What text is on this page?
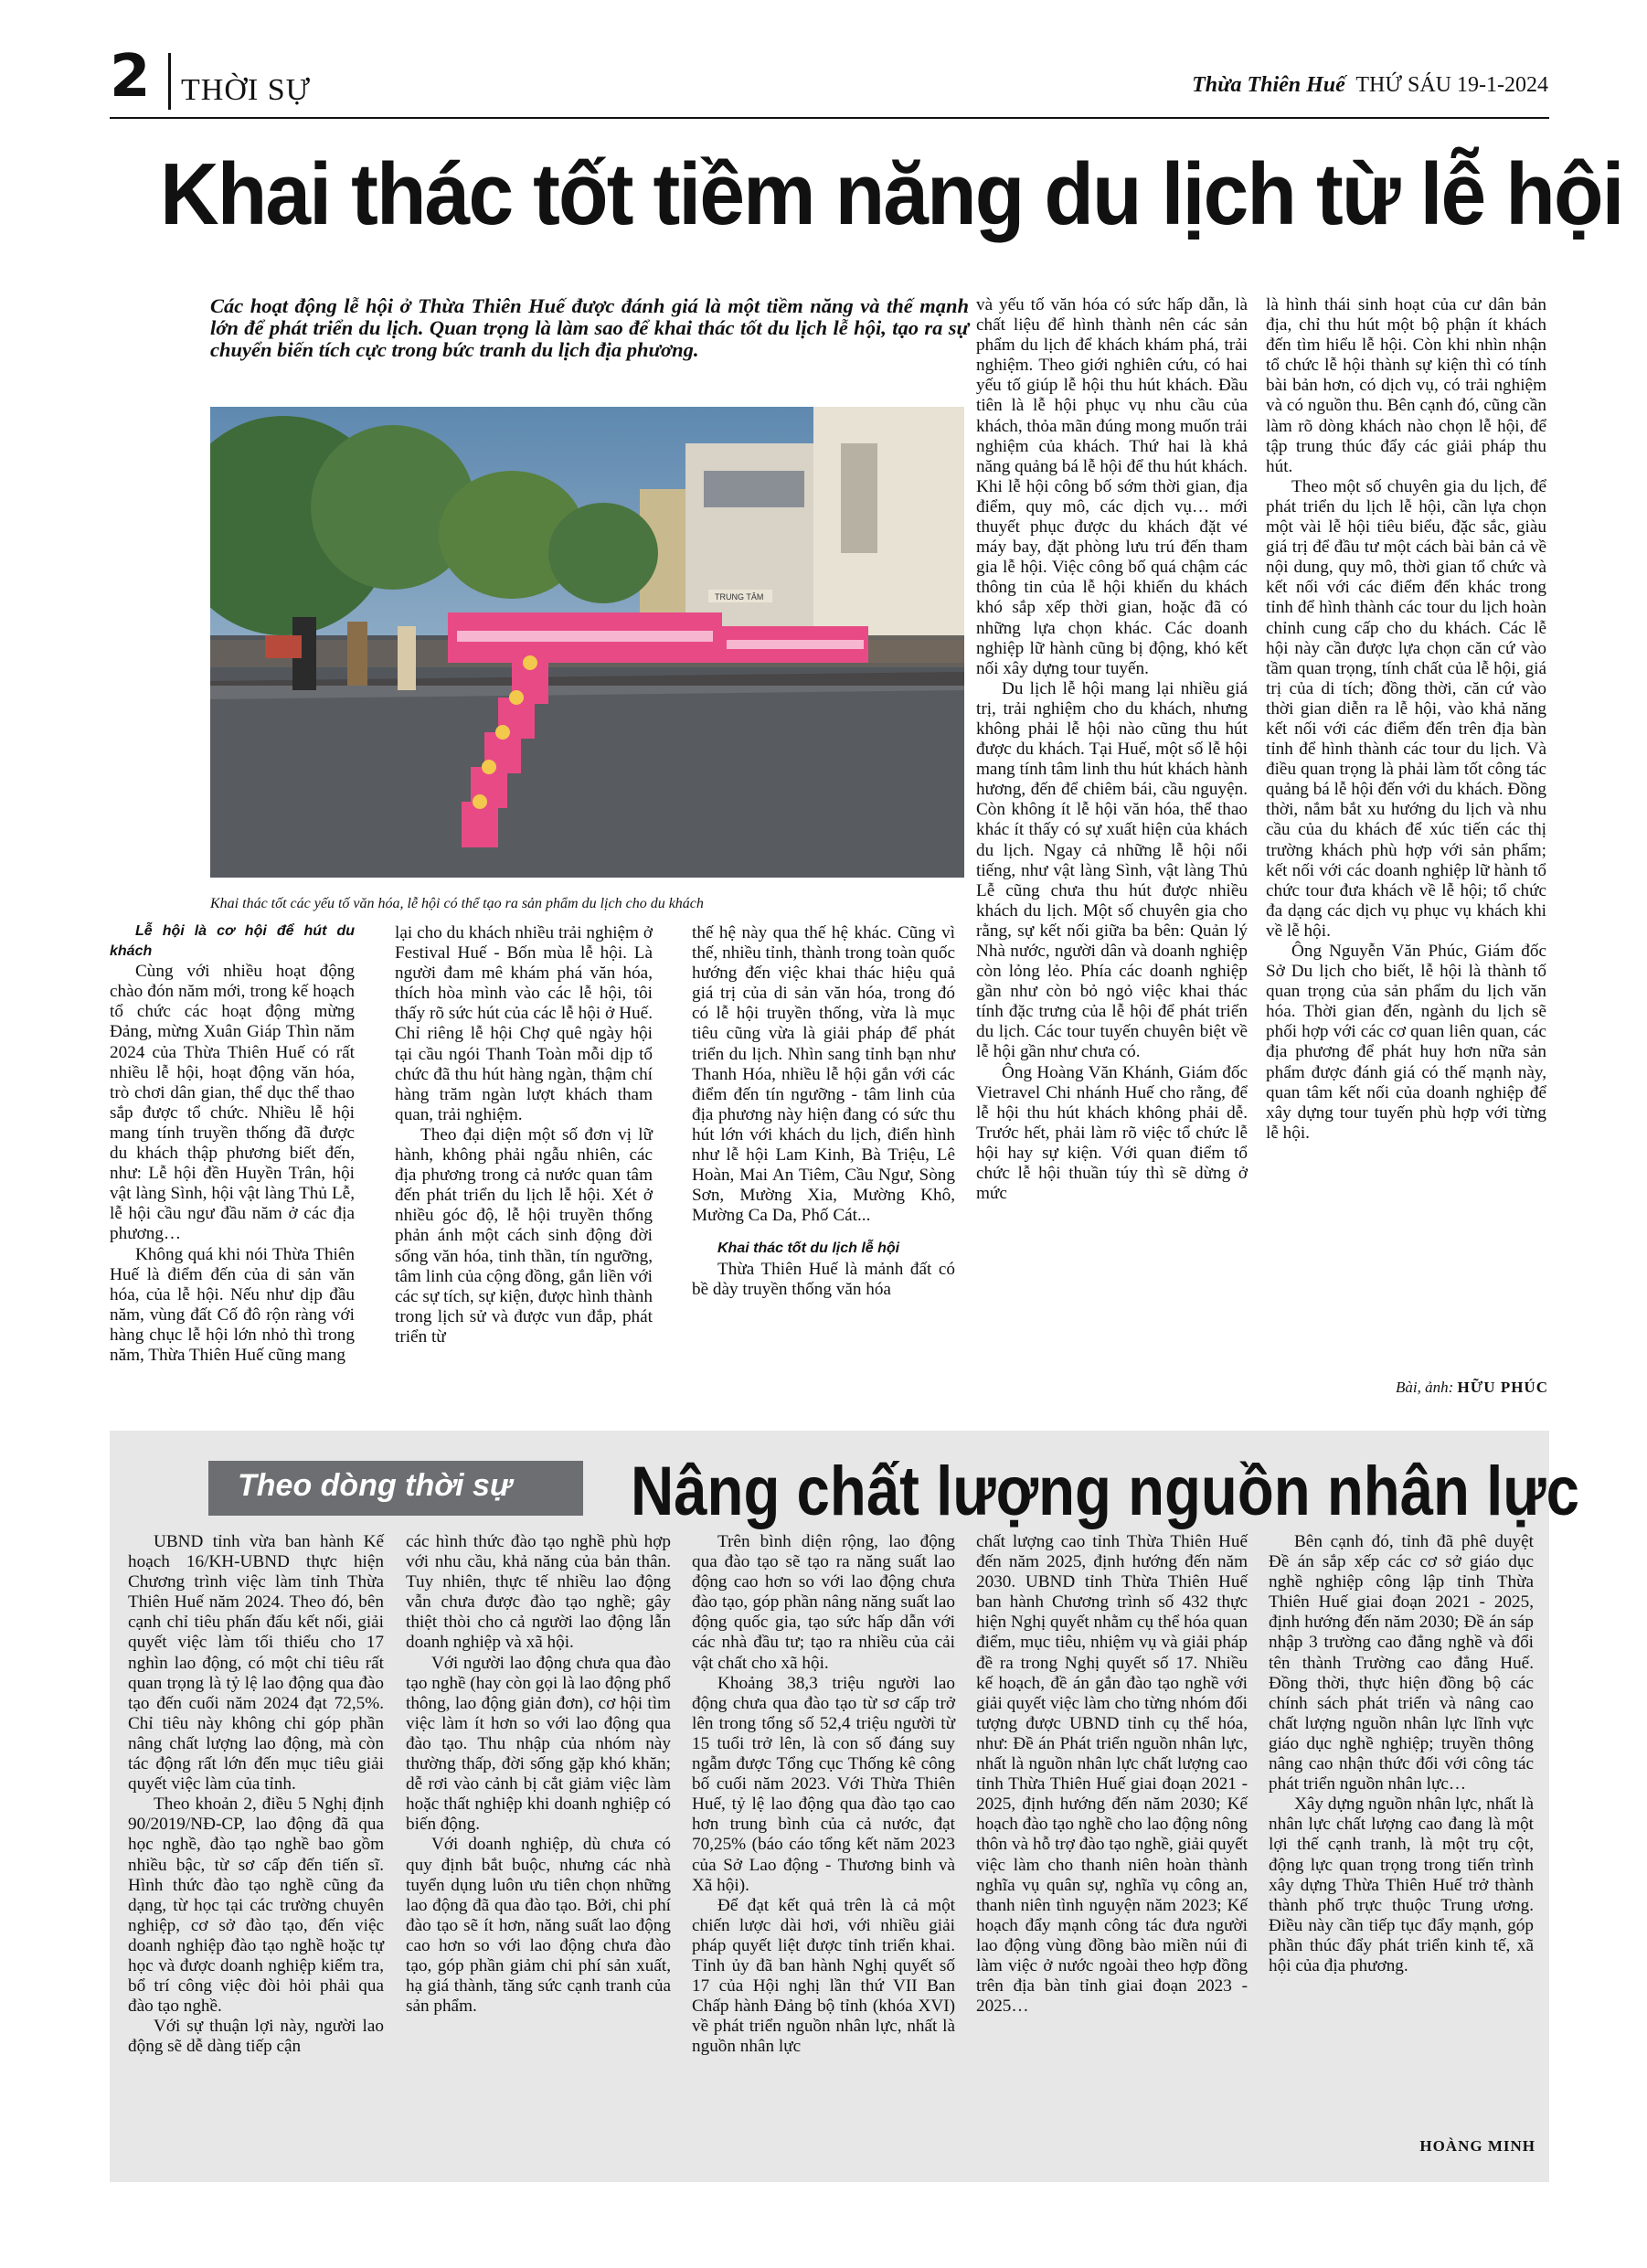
2 THỜI SỰ	Thừa Thiên Huế THỨ SÁU 19-1-2024
Khai thác tốt tiềm năng du lịch từ lễ hội
Các hoạt động lễ hội ở Thừa Thiên Huế được đánh giá là một tiềm năng và thế mạnh lớn để phát triển du lịch. Quan trọng là làm sao để khai thác tốt du lịch lễ hội, tạo ra sự chuyển biến tích cực trong bức tranh du lịch địa phương.
TRUNG TÂM
Khai thác tốt các yếu tố văn hóa, lễ hội có thể tạo ra sản phẩm du lịch cho du khách

Lễ hội là cơ hội để hút du khách

Cùng với nhiều hoạt động chào đón năm mới, trong kế hoạch tổ chức các hoạt động mừng Đảng, mừng Xuân Giáp Thìn năm 2024 của Thừa Thiên Huế có rất nhiều lễ hội, hoạt động văn hóa, trò chơi dân gian, thể dục thể thao sắp được tổ chức. Nhiều lễ hội mang tính truyền thống đã được du khách thập phương biết đến, như: Lễ hội đền Huyền Trân, hội vật làng Sình, hội vật làng Thủ Lễ, lễ hội cầu ngư đầu năm ở các địa phương…

Không quá khi nói Thừa Thiên Huế là điểm đến của di sản văn hóa, của lễ hội. Nếu như dịp đầu năm, vùng đất Cố đô rộn ràng với hàng chục lễ hội lớn nhỏ thì trong năm, Thừa Thiên Huế cũng mang

lại cho du khách nhiều trải nghiệm ở Festival Huế - Bốn mùa lễ hội. Là người đam mê khám phá văn hóa, thích hòa mình vào các lễ hội, tôi thấy rõ sức hút của các lễ hội ở Huế. Chỉ riêng lễ hội Chợ quê ngày hội tại cầu ngói Thanh Toàn mỗi dịp tổ chức đã thu hút hàng ngàn, thậm chí hàng trăm ngàn lượt khách tham quan, trải nghiệm.

Theo đại diện một số đơn vị lữ hành, không phải ngẫu nhiên, các địa phương trong cả nước quan tâm đến phát triển du lịch lễ hội. Xét ở nhiều góc độ, lễ hội truyền thống phản ánh một cách sinh động đời sống văn hóa, tinh thần, tín ngưỡng, tâm linh của cộng đồng, gắn liền với các sự tích, sự kiện, được hình thành trong lịch sử và được vun đắp, phát triển từ

thế hệ này qua thế hệ khác. Cũng vì thế, nhiều tỉnh, thành trong toàn quốc hướng đến việc khai thác hiệu quả giá trị của di sản văn hóa, trong đó có lễ hội truyền thống, vừa là mục tiêu cũng vừa là giải pháp để phát triển du lịch. Nhìn sang tỉnh bạn như Thanh Hóa, nhiều lễ hội gắn với các điểm đến tín ngưỡng - tâm linh của địa phương này hiện đang có sức thu hút lớn với khách du lịch, điển hình như lễ hội Lam Kinh, Bà Triệu, Lê Hoàn, Mai An Tiêm, Cầu Ngư, Sòng Sơn, Mường Xia, Mường Khô, Mường Ca Da, Phố Cát...

Khai thác tốt du lịch lễ hội

Thừa Thiên Huế là mảnh đất có bề dày truyền thống văn hóa

và yếu tố văn hóa có sức hấp dẫn, là chất liệu để hình thành nên các sản phẩm du lịch để khách khám phá, trải nghiệm. Theo giới nghiên cứu, có hai yếu tố giúp lễ hội thu hút khách. Đầu tiên là lễ hội phục vụ nhu cầu của khách, thỏa mãn đúng mong muốn trải nghiệm của khách. Thứ hai là khả năng quảng bá lễ hội để thu hút khách. Khi lễ hội công bố sớm thời gian, địa điểm, quy mô, các dịch vụ… mới thuyết phục được du khách đặt vé máy bay, đặt phòng lưu trú đến tham gia lễ hội. Việc công bố quá chậm các thông tin của lễ hội khiến du khách khó sắp xếp thời gian, hoặc đã có những lựa chọn khác. Các doanh nghiệp lữ hành cũng bị động, khó kết nối xây dựng tour tuyến.

Du lịch lễ hội mang lại nhiều giá trị, trải nghiệm cho du khách, nhưng không phải lễ hội nào cũng thu hút được du khách. Tại Huế, một số lễ hội mang tính tâm linh thu hút khách hành hương, đến để chiêm bái, cầu nguyện. Còn không ít lễ hội văn hóa, thể thao khác ít thấy có sự xuất hiện của khách du lịch. Ngay cả những lễ hội nổi tiếng, như vật làng Sình, vật làng Thủ Lễ cũng chưa thu hút được nhiều khách du lịch. Một số chuyên gia cho rằng, sự kết nối giữa ba bên: Quản lý Nhà nước, người dân và doanh nghiệp còn lỏng lẻo. Phía các doanh nghiệp gần như còn bỏ ngỏ việc khai thác tính đặc trưng của lễ hội để phát triển du lịch. Các tour tuyến chuyên biệt về lễ hội gần như chưa có.

Ông Hoàng Văn Khánh, Giám đốc Vietravel Chi nhánh Huế cho rằng, để lễ hội thu hút khách không phải dễ. Trước hết, phải làm rõ việc tổ chức lễ hội hay sự kiện. Với quan điểm tổ chức lễ hội thuần túy thì sẽ dừng ở mức

là hình thái sinh hoạt của cư dân bản địa, chỉ thu hút một bộ phận ít khách đến tìm hiểu lễ hội. Còn khi nhìn nhận tổ chức lễ hội thành sự kiện thì có tính bài bản hơn, có dịch vụ, có trải nghiệm và có nguồn thu. Bên cạnh đó, cũng cần làm rõ dòng khách nào chọn lễ hội, để tập trung thúc đẩy các giải pháp thu hút.

Theo một số chuyên gia du lịch, để phát triển du lịch lễ hội, cần lựa chọn một vài lễ hội tiêu biểu, đặc sắc, giàu giá trị để đầu tư một cách bài bản cả về nội dung, quy mô, thời gian tổ chức và kết nối với các điểm đến khác trong tỉnh để hình thành các tour du lịch hoàn chỉnh cung cấp cho du khách. Các lễ hội này cần được lựa chọn căn cứ vào tầm quan trọng, tính chất của lễ hội, giá trị của di tích; đồng thời, căn cứ vào thời gian diễn ra lễ hội, vào khả năng kết nối với các điểm đến trên địa bàn tỉnh để hình thành các tour du lịch. Và điều quan trọng là phải làm tốt công tác quảng bá lễ hội đến với du khách. Đồng thời, nắm bắt xu hướng du lịch và nhu cầu của du khách để xúc tiến các thị trường khách phù hợp với sản phẩm; kết nối với các doanh nghiệp lữ hành tổ chức tour đưa khách về lễ hội; tổ chức đa dạng các dịch vụ phục vụ khách khi về lễ hội.

Ông Nguyễn Văn Phúc, Giám đốc Sở Du lịch cho biết, lễ hội là thành tố quan trọng của sản phẩm du lịch văn hóa. Thời gian đến, ngành du lịch sẽ phối hợp với các cơ quan liên quan, các địa phương để phát huy hơn nữa sản phẩm được đánh giá có thế mạnh này, quan tâm kết nối của doanh nghiệp để xây dựng tour tuyến phù hợp với từng lễ hội.

Bài, ảnh: HỮU PHÚC
Theo dòng thời sự Nâng chất lượng nguồn nhân lực

UBND tỉnh vừa ban hành Kế hoạch 16/KH-UBND thực hiện Chương trình việc làm tỉnh Thừa Thiên Huế năm 2024. Theo đó, bên cạnh chỉ tiêu phấn đấu kết nối, giải quyết việc làm tối thiểu cho 17 nghìn lao động, có một chỉ tiêu rất quan trọng là tỷ lệ lao động qua đào tạo đến cuối năm 2024 đạt 72,5%. Chỉ tiêu này không chỉ góp phần nâng chất lượng lao động, mà còn tác động rất lớn đến mục tiêu giải quyết việc làm của tỉnh.

Theo khoản 2, điều 5 Nghị định 90/2019/NĐ-CP, lao động đã qua học nghề, đào tạo nghề bao gồm nhiều bậc, từ sơ cấp đến tiến sĩ. Hình thức đào tạo nghề cũng đa dạng, từ học tại các trường chuyên nghiệp, cơ sở đào tạo, đến việc doanh nghiệp đào tạo nghề hoặc tự học và được doanh nghiệp kiểm tra, bổ trí công việc đòi hỏi phải qua đào tạo nghề.

Với sự thuận lợi này, người lao động sẽ dễ dàng tiếp cận

các hình thức đào tạo nghề phù hợp với nhu cầu, khả năng của bản thân. Tuy nhiên, thực tế nhiều lao động vẫn chưa được đào tạo nghề; gây thiệt thòi cho cả người lao động lẫn doanh nghiệp và xã hội.

Với người lao động chưa qua đào tạo nghề (hay còn gọi là lao động phổ thông, lao động giản đơn), cơ hội tìm việc làm ít hơn so với lao động qua đào tạo. Thu nhập của nhóm này thường thấp, đời sống gặp khó khăn; dễ rơi vào cảnh bị cắt giảm việc làm hoặc thất nghiệp khi doanh nghiệp có biến động.

Với doanh nghiệp, dù chưa có quy định bắt buộc, nhưng các nhà tuyển dụng luôn ưu tiên chọn những lao động đã qua đào tạo. Bởi, chi phí đào tạo sẽ ít hơn, năng suất lao động cao hơn so với lao động chưa đào tạo, góp phần giảm chi phí sản xuất, hạ giá thành, tăng sức cạnh tranh của sản phẩm.

Trên bình diện rộng, lao động qua đào tạo sẽ tạo ra năng suất lao động cao hơn so với lao động chưa đào tạo, góp phần nâng năng suất lao động quốc gia, tạo sức hấp dẫn với các nhà đầu tư; tạo ra nhiều của cải vật chất cho xã hội.

Khoảng 38,3 triệu người lao động chưa qua đào tạo từ sơ cấp trở lên trong tổng số 52,4 triệu người từ 15 tuổi trở lên, là con số đáng suy ngẫm được Tổng cục Thống kê công bố cuối năm 2023. Với Thừa Thiên Huế, tỷ lệ lao động qua đào tạo cao hơn trung bình của cả nước, đạt 70,25% (báo cáo tổng kết năm 2023 của Sở Lao động - Thương binh và Xã hội).

Để đạt kết quả trên là cả một chiến lược dài hơi, với nhiều giải pháp quyết liệt được tỉnh triển khai. Tỉnh ủy đã ban hành Nghị quyết số 17 của Hội nghị lần thứ VII Ban Chấp hành Đảng bộ tỉnh (khóa XVI) về phát triển nguồn nhân lực, nhất là nguồn nhân lực

chất lượng cao tỉnh Thừa Thiên Huế đến năm 2025, định hướng đến năm 2030. UBND tỉnh Thừa Thiên Huế ban hành Chương trình số 432 thực hiện Nghị quyết nhằm cụ thể hóa quan điểm, mục tiêu, nhiệm vụ và giải pháp đề ra trong Nghị quyết số 17. Nhiều kế hoạch, đề án gắn đào tạo nghề với giải quyết việc làm cho từng nhóm đối tượng được UBND tỉnh cụ thể hóa, như: Đề án Phát triển nguồn nhân lực, nhất là nguồn nhân lực chất lượng cao tỉnh Thừa Thiên Huế giai đoạn 2021 - 2025, định hướng đến năm 2030; Kế hoạch đào tạo nghề cho lao động nông thôn và hỗ trợ đào tạo nghề, giải quyết việc làm cho thanh niên hoàn thành nghĩa vụ quân sự, nghĩa vụ công an, thanh niên tình nguyện năm 2023; Kế hoạch đẩy mạnh công tác đưa người lao động vùng đồng bào miền núi đi làm việc ở nước ngoài theo hợp đồng trên địa bàn tỉnh giai đoạn 2023 - 2025…

Bên cạnh đó, tỉnh đã phê duyệt Đề án sắp xếp các cơ sở giáo dục nghề nghiệp công lập tỉnh Thừa Thiên Huế giai đoạn 2021 - 2025, định hướng đến năm 2030; Đề án sáp nhập 3 trường cao đẳng nghề và đổi tên thành Trường cao đẳng Huế. Đồng thời, thực hiện đồng bộ các chính sách phát triển và nâng cao chất lượng nguồn nhân lực lĩnh vực giáo dục nghề nghiệp; truyền thông nâng cao nhận thức đối với công tác phát triển nguồn nhân lực…

Xây dựng nguồn nhân lực, nhất là nhân lực chất lượng cao đang là một lợi thế cạnh tranh, là một trụ cột, động lực quan trọng trong tiến trình xây dựng Thừa Thiên Huế trở thành thành phố trực thuộc Trung ương. Điều này cần tiếp tục đẩy mạnh, góp phần thúc đẩy phát triển kinh tế, xã hội của địa phương.

HOÀNG MINH
